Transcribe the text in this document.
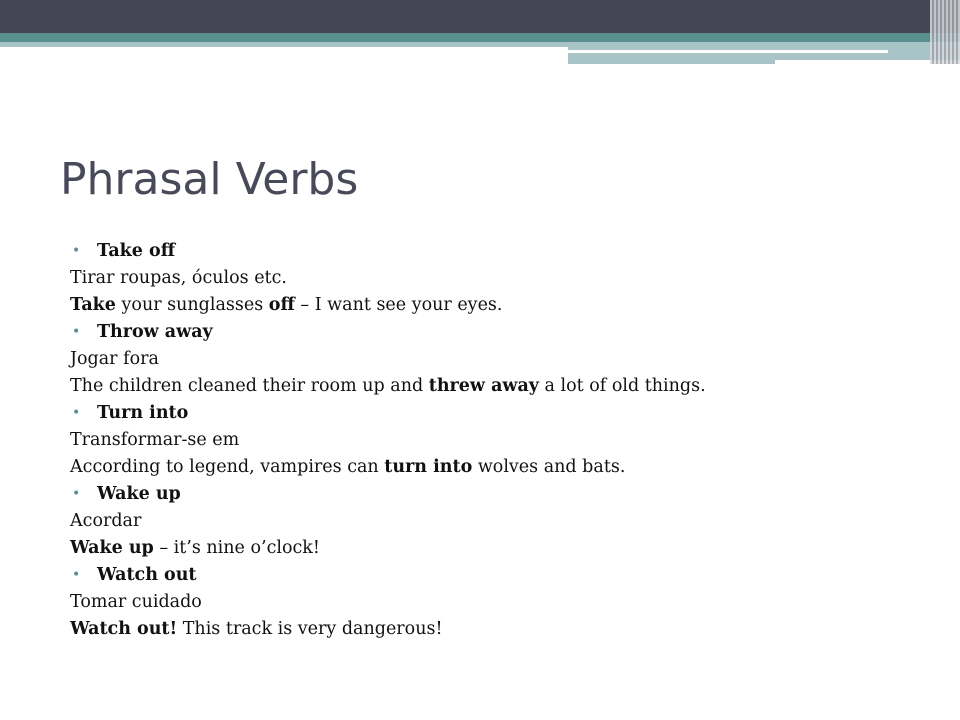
Phrasal Verbs
• Take off
Tirar roupas, óculos etc.
Take your sunglasses off – I want see your eyes.
• Throw away
Jogar fora
The children cleaned their room up and threw away a lot of old things.
• Turn into
Transformar-se em
According to legend, vampires can turn into wolves and bats.
• Wake up
Acordar
Wake up – it’s nine o’clock!
• Watch out
Tomar cuidado
Watch out! This track is very dangerous!
